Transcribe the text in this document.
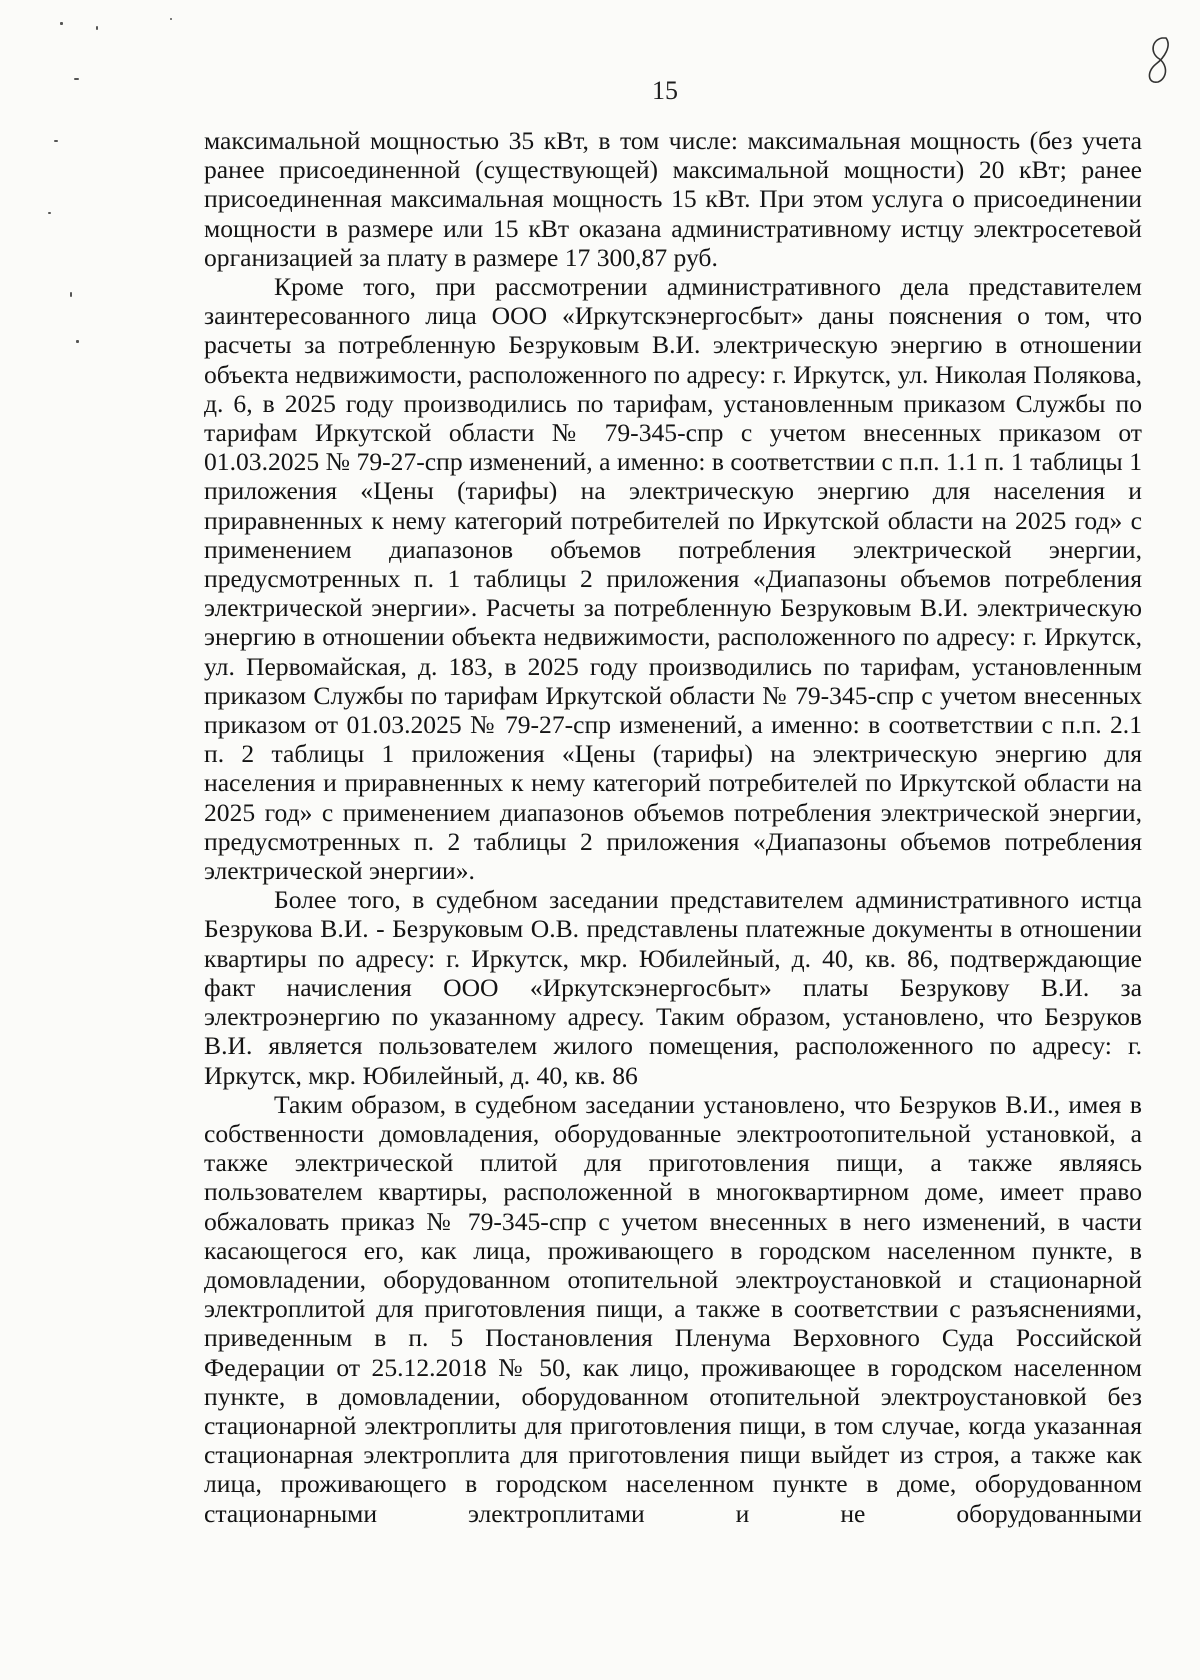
15

максимальной мощностью 35 кВт, в том числе: максимальная мощность (без учета ранее присоединенной (существующей) максимальной мощности) 20 кВт; ранее присоединенная максимальная мощность 15 кВт. При этом услуга о присоединении мощности в размере или 15 кВт оказана административному истцу электросетевой организацией за плату в размере 17 300,87 руб.

Кроме того, при рассмотрении административного дела представителем заинтересованного лица ООО «Иркутскэнергосбыт» даны пояснения о том, что расчеты за потребленную Безруковым В.И. электрическую энергию в отношении объекта недвижимости, расположенного по адресу: г. Иркутск, ул. Николая Полякова, д. 6, в 2025 году производились по тарифам, установленным приказом Службы по тарифам Иркутской области № 79-345-спр с учетом внесенных приказом от 01.03.2025 № 79-27-спр изменений, а именно: в соответствии с п.п. 1.1 п. 1 таблицы 1 приложения «Цены (тарифы) на электрическую энергию для населения и приравненных к нему категорий потребителей по Иркутской области на 2025 год» с применением диапазонов объемов потребления электрической энергии, предусмотренных п. 1 таблицы 2 приложения «Диапазоны объемов потребления электрической энергии». Расчеты за потребленную Безруковым В.И. электрическую энергию в отношении объекта недвижимости, расположенного по адресу: г. Иркутск, ул. Первомайская, д. 183, в 2025 году производились по тарифам, установленным приказом Службы по тарифам Иркутской области № 79-345-спр с учетом внесенных приказом от 01.03.2025 № 79-27-спр изменений, а именно: в соответствии с п.п. 2.1 п. 2 таблицы 1 приложения «Цены (тарифы) на электрическую энергию для населения и приравненных к нему категорий потребителей по Иркутской области на 2025 год» с применением диапазонов объемов потребления электрической энергии, предусмотренных п. 2 таблицы 2 приложения «Диапазоны объемов потребления электрической энергии».

Более того, в судебном заседании представителем административного истца Безрукова В.И. - Безруковым О.В. представлены платежные документы в отношении квартиры по адресу: г. Иркутск, мкр. Юбилейный, д. 40, кв. 86, подтверждающие факт начисления ООО «Иркутскэнергосбыт» платы Безрукову В.И. за электроэнергию по указанному адресу. Таким образом, установлено, что Безруков В.И. является пользователем жилого помещения, расположенного по адресу: г. Иркутск, мкр. Юбилейный, д. 40, кв. 86

Таким образом, в судебном заседании установлено, что Безруков В.И., имея в собственности домовладения, оборудованные электроотопительной установкой, а также электрической плитой для приготовления пищи, а также являясь пользователем квартиры, расположенной в многоквартирном доме, имеет право обжаловать приказ № 79-345-спр с учетом внесенных в него изменений, в части касающегося его, как лица, проживающего в городском населенном пункте, в домовладении, оборудованном отопительной электроустановкой и стационарной электроплитой для приготовления пищи, а также в соответствии с разъяснениями, приведенным в п. 5 Постановления Пленума Верховного Суда Российской Федерации от 25.12.2018 № 50, как лицо, проживающее в городском населенном пункте, в домовладении, оборудованном отопительной электроустановкой без стационарной электроплиты для приготовления пищи, в том случае, когда указанная стационарная электроплита для приготовления пищи выйдет из строя, а также как лица, проживающего в городском населенном пункте в доме, оборудованном стационарными электроплитами и не оборудованными
